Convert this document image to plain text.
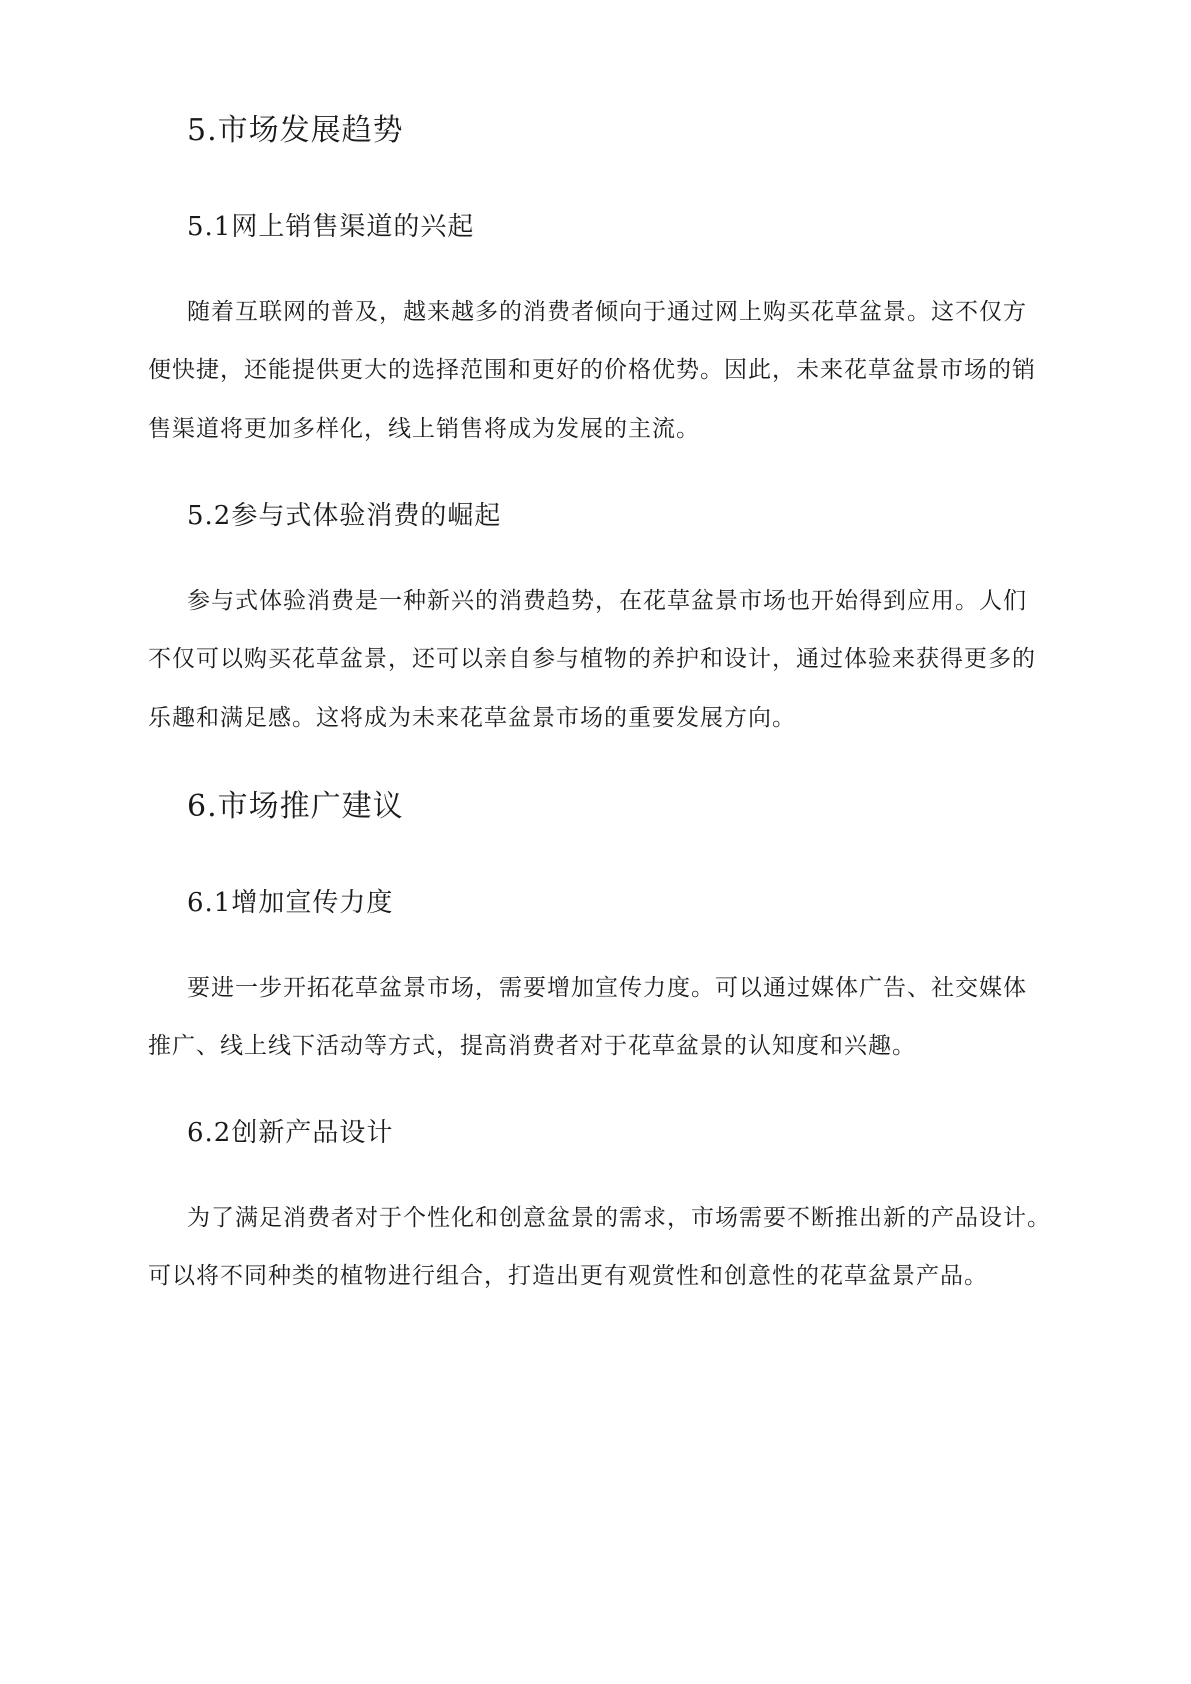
5.市场发展趋势
5.1网上销售渠道的兴起
随着互联网的普及，越来越多的消费者倾向于通过网上购买花草盆景。这不仅方
便快捷，还能提供更大的选择范围和更好的价格优势。因此，未来花草盆景市场的销
售渠道将更加多样化，线上销售将成为发展的主流。
5.2参与式体验消费的崛起
参与式体验消费是一种新兴的消费趋势，在花草盆景市场也开始得到应用。人们
不仅可以购买花草盆景，还可以亲自参与植物的养护和设计，通过体验来获得更多的
乐趣和满足感。这将成为未来花草盆景市场的重要发展方向。
6.市场推广建议
6.1增加宣传力度
要进一步开拓花草盆景市场，需要增加宣传力度。可以通过媒体广告、社交媒体
推广、线上线下活动等方式，提高消费者对于花草盆景的认知度和兴趣。
6.2创新产品设计
为了满足消费者对于个性化和创意盆景的需求，市场需要不断推出新的产品设计。
可以将不同种类的植物进行组合，打造出更有观赏性和创意性的花草盆景产品。
